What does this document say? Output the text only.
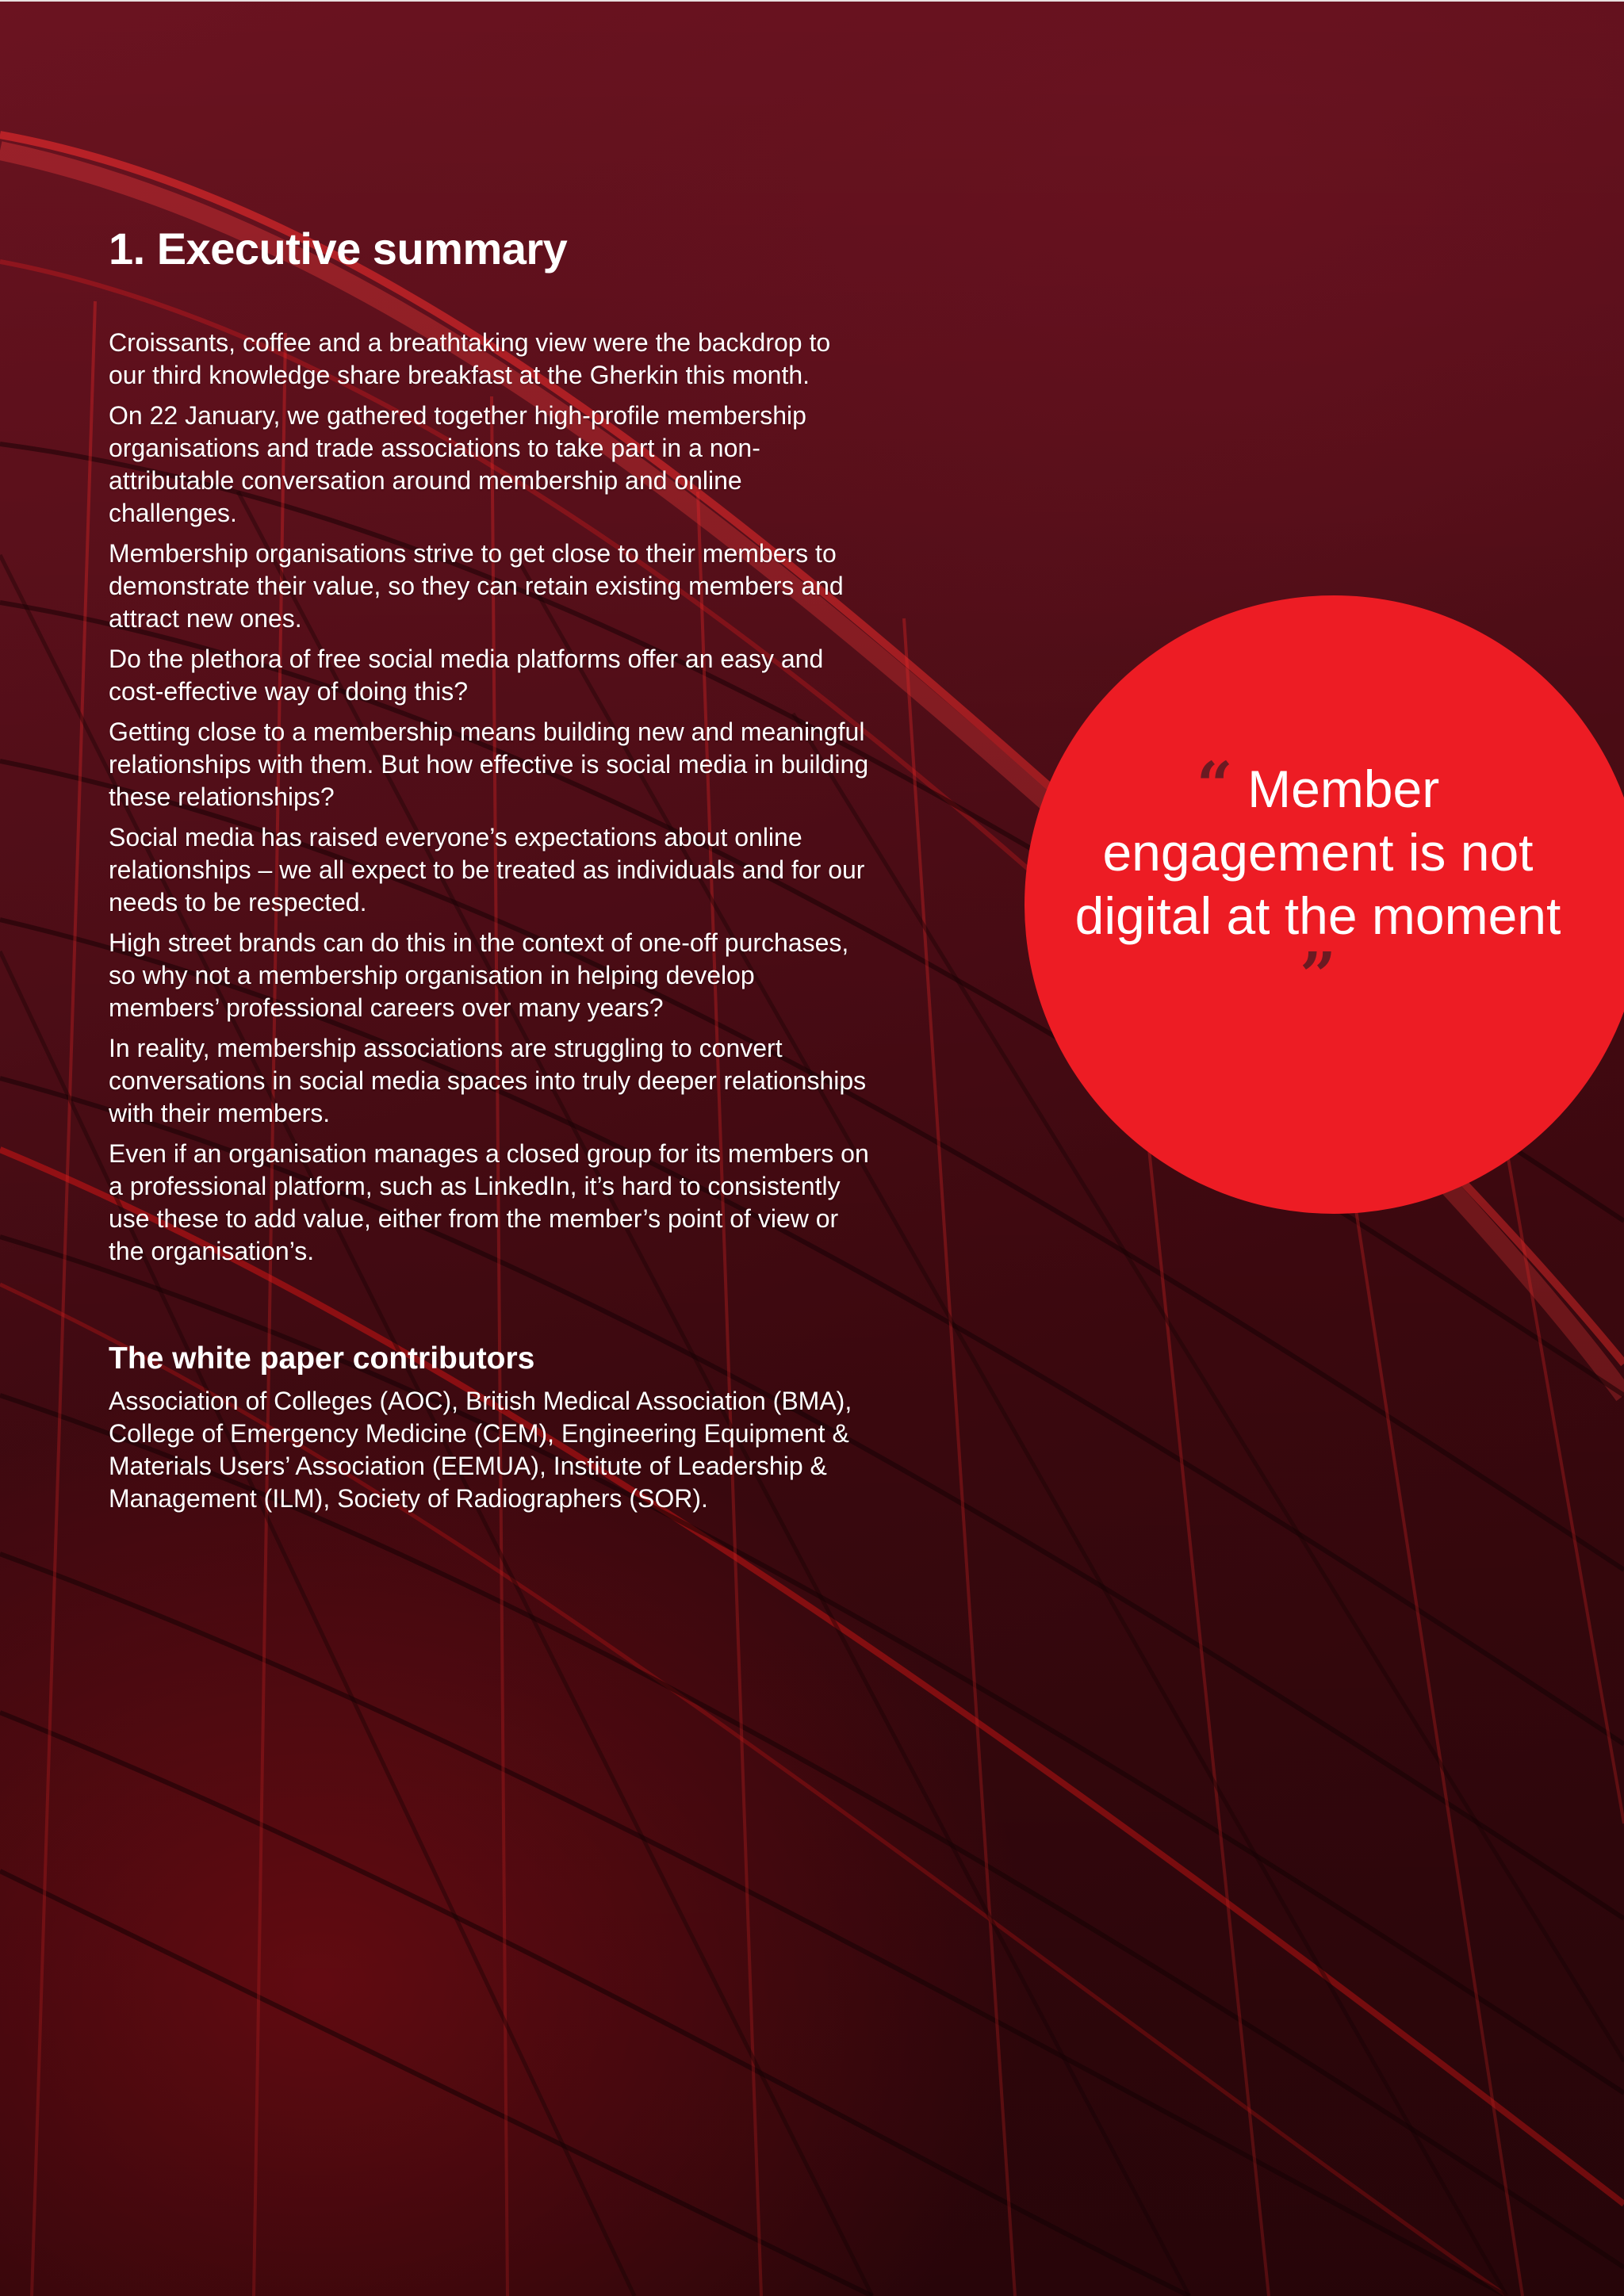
1. Executive summary

Croissants, coffee and a breathtaking view were the backdrop to our third knowledge share breakfast at the Gherkin this month.

On 22 January, we gathered together high-profile membership organisations and trade associations to take part in a non-attributable conversation around membership and online challenges.

Membership organisations strive to get close to their members to demonstrate their value, so they can retain existing members and attract new ones.

Do the plethora of free social media platforms offer an easy and cost-effective way of doing this?

Getting close to a membership means building new and meaningful relationships with them. But how effective is social media in building these relationships?

Social media has raised everyone’s expectations about online relationships – we all expect to be treated as individuals and for our needs to be respected.

High street brands can do this in the context of one-off purchases, so why not a membership organisation in helping develop members’ professional careers over many years?

In reality, membership associations are struggling to convert conversations in social media spaces into truly deeper relationships with their members.

Even if an organisation manages a closed group for its members on a professional platform, such as LinkedIn, it’s hard to consistently use these to add value, either from the member’s point of view or the organisation’s.

The white paper contributors

Association of Colleges (AOC), British Medical Association (BMA), College of Emergency Medicine (CEM), Engineering Equipment & Materials Users’ Association (EEMUA), Institute of Leadership & Management (ILM), Society of Radiographers (SOR).

“ Member engagement is not digital at the moment ”
